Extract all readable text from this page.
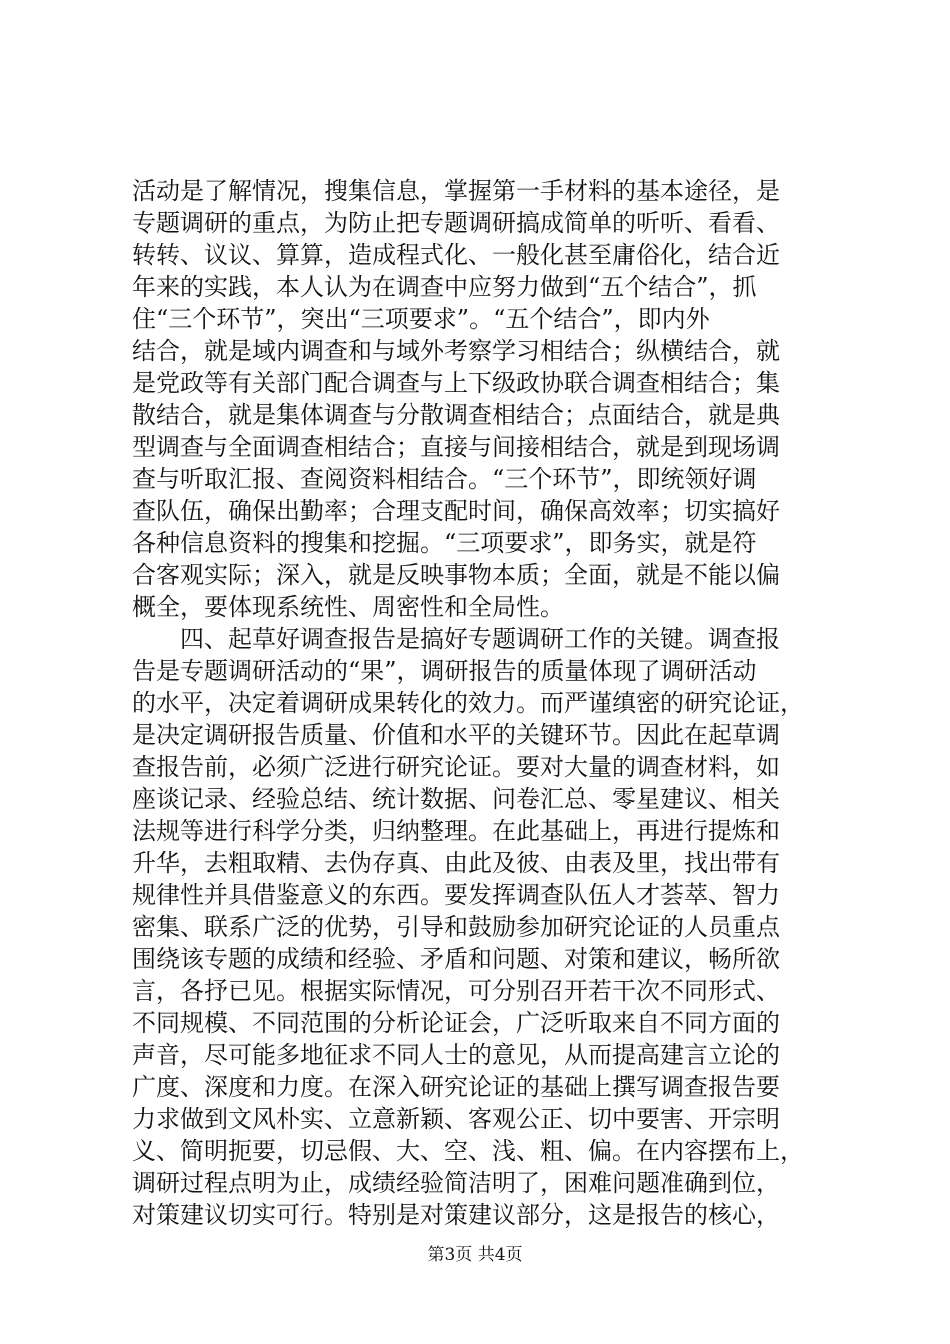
活动是了解情况，搜集信息，掌握第一手材料的基本途径，是
专题调研的重点，为防止把专题调研搞成简单的听听、看看、
转转、议议、算算，造成程式化、一般化甚至庸俗化，结合近
年来的实践，本人认为在调查中应努力做到“五个结合”，抓
住“三个环节”，突出“三项要求”。“五个结合”，即内外
结合，就是域内调查和与域外考察学习相结合；纵横结合，就
是党政等有关部门配合调查与上下级政协联合调查相结合；集
散结合，就是集体调查与分散调查相结合；点面结合，就是典
型调查与全面调查相结合；直接与间接相结合，就是到现场调
查与听取汇报、查阅资料相结合。“三个环节”，即统领好调
查队伍，确保出勤率；合理支配时间，确保高效率；切实搞好
各种信息资料的搜集和挖掘。“三项要求”，即务实，就是符
合客观实际；深入，就是反映事物本质；全面，就是不能以偏
概全，要体现系统性、周密性和全局性。
　　四、起草好调查报告是搞好专题调研工作的关键。调查报
告是专题调研活动的“果”，调研报告的质量体现了调研活动
的水平，决定着调研成果转化的效力。而严谨缜密的研究论证，
是决定调研报告质量、价值和水平的关键环节。因此在起草调
查报告前，必须广泛进行研究论证。要对大量的调查材料，如
座谈记录、经验总结、统计数据、问卷汇总、零星建议、相关
法规等进行科学分类，归纳整理。在此基础上，再进行提炼和
升华，去粗取精、去伪存真、由此及彼、由表及里，找出带有
规律性并具借鉴意义的东西。要发挥调查队伍人才荟萃、智力
密集、联系广泛的优势，引导和鼓励参加研究论证的人员重点
围绕该专题的成绩和经验、矛盾和问题、对策和建议，畅所欲
言，各抒已见。根据实际情况，可分别召开若干次不同形式、
不同规模、不同范围的分析论证会，广泛听取来自不同方面的
声音，尽可能多地征求不同人士的意见，从而提高建言立论的
广度、深度和力度。在深入研究论证的基础上撰写调查报告要
力求做到文风朴实、立意新颖、客观公正、切中要害、开宗明
义、简明扼要，切忌假、大、空、浅、粗、偏。在内容摆布上，
调研过程点明为止，成绩经验简洁明了，困难问题准确到位，
对策建议切实可行。特别是对策建议部分，这是报告的核心，
第3页 共4页
